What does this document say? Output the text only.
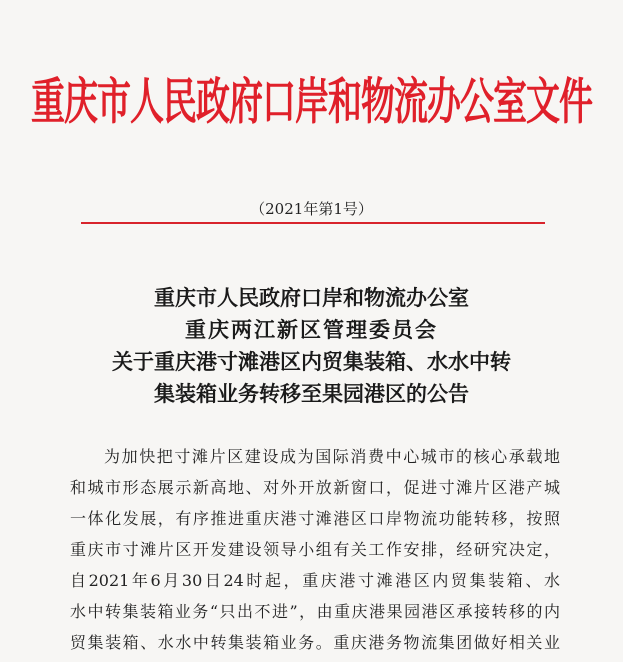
重庆市人民政府口岸和物流办公室文件
（2021年第1号）
重庆市人民政府口岸和物流办公室
重庆两江新区管理委员会
关于重庆港寸滩港区内贸集装箱、水水中转
集装箱业务转移至果园港区的公告
为加快把寸滩片区建设成为国际消费中心城市的核心承载地
和城市形态展示新高地、对外开放新窗口，促进寸滩片区港产城
一体化发展，有序推进重庆港寸滩港区口岸物流功能转移，按照
重庆市寸滩片区开发建设领导小组有关工作安排，经研究决定，
自2021年6月30日24时起，重庆港寸滩港区内贸集装箱、水
水中转集装箱业务“只出不进”，由重庆港果园港区承接转移的内
贸集装箱、水水中转集装箱业务。重庆港务物流集团做好相关业
